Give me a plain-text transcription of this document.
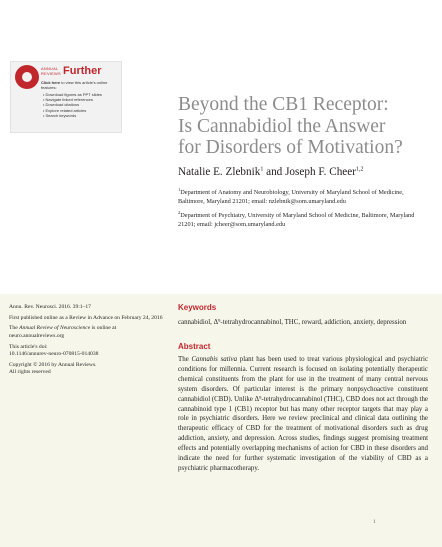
ANNUAL
REVIEWS Further
Click here to view this article's online features:
• Download figures as PPT slides
• Navigate linked references
• Download citations
• Explore related articles
• Search keywords
Beyond the CB1 Receptor:
Is Cannabidiol the Answer
for Disorders of Motivation?
Natalie E. Zlebnik$^1$ and Joseph F. Cheer$^{1,2}$
$^1$Department of Anatomy and Neurobiology, University of Maryland School of Medicine, Baltimore, Maryland 21201; email: nzlebnik@som.umaryland.edu
$^2$Department of Psychiatry, University of Maryland School of Medicine, Baltimore, Maryland 21201; email: jcheer@som.umaryland.edu

Annu. Rev. Neurosci. 2016. 39:1–17

First published online as a Review in Advance on February 24, 2016

The Annual Review of Neuroscience is online at neuro.annualreviews.org

This article's doi:
10.1146/annurev-neuro-070815-014038

Copyright © 2016 by Annual Reviews.
All rights reserved

Keywords
cannabidiol, Δ⁹-tetrahydrocannabinol, THC, reward, addiction, anxiety, depression
Abstract
The Cannabis sativa plant has been used to treat various physiological and psychiatric conditions for millennia. Current research is focused on isolating potentially therapeutic chemical constituents from the plant for use in the treatment of many central nervous system disorders. Of particular interest is the primary nonpsychoactive constituent cannabidiol (CBD). Unlike Δ⁹-tetrahydrocannabinol (THC), CBD does not act through the cannabinoid type 1 (CB1) receptor but has many other receptor targets that may play a role in psychiatric disorders. Here we review preclinical and clinical data outlining the therapeutic efficacy of CBD for the treatment of motivational disorders such as drug addiction, anxiety, and depression. Across studies, findings suggest promising treatment effects and potentially overlapping mechanisms of action for CBD in these disorders and indicate the need for further systematic investigation of the viability of CBD as a psychiatric pharmacotherapy.
1
